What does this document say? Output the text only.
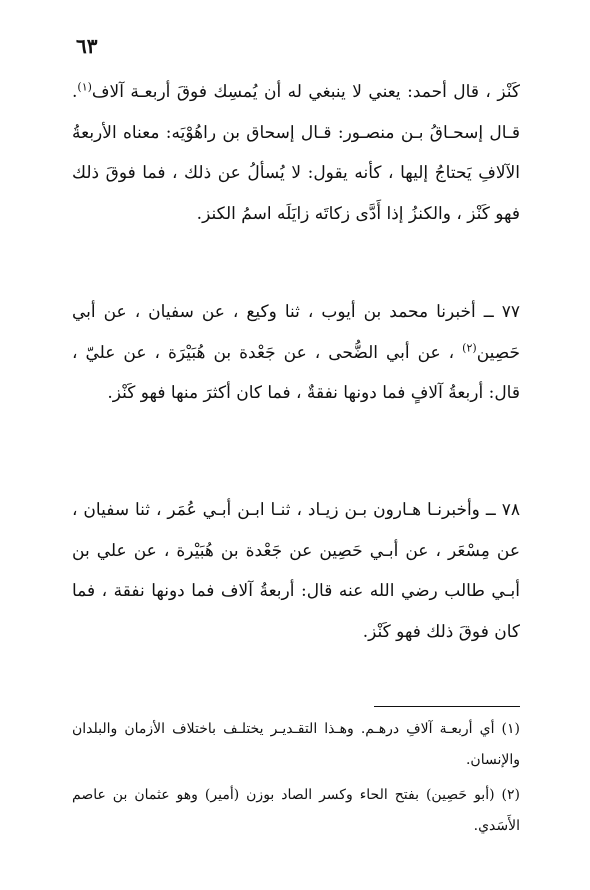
٦٣

كَنْز ، قال أحمد: يعني لا ينبغي له أن يُمسِك فوقَ أربعـة آلاف$^{(١)}$. قـال إسحـاقُ بـن منصـور: قـال إسحاق بن راهُوْيَه: معناه الأربعةُ الآلافِ يَحتاجُ إليها ، كأنه يقول: لا يُسألُ عن ذلك ، فما فوقَ ذلك فهو كَنْز ، والكنزُ إذا أَدَّى زكاتَه زايَلَه اسمُ الكنز.

٧٧ ــ أخبرنا محمد بن أيوب ، ثنا وكيع ، عن سفيان ، عن أبي حَصِين$^{(٢)}$ ، عن أبي الضُّحى ، عن جَعْدة بن هُبَيْرَة ، عن عليّ ، قال: أربعةُ آلافٍ فما دونها نفقةٌ ، فما كان أكثرَ منها فهو كَنْز.

٧٨ ــ وأخبرنـا هـارون بـن زيـاد ، ثنـا ابـن أبـي عُمَر ، ثنا سفيان ، عن مِسْعَر ، عن أبـي حَصِين عن جَعْدة بن هُبَيْرة ، عن علي بن أبـي طالب رضي الله عنه قال: أربعةُ آلاف فما دونها نفقة ، فما كان فوقَ ذلك فهو كَنْز.

(١) أي أربعـة آلافِ درهـم. وهـذا التقـديـر يختلـف باختلاف الأزمان والبلدان والإنسان.

(٢) (أبو حَصِين) بفتح الحاء وكسر الصاد بوزن (أمير) وهو عثمان بن عاصم الأَسَدي.
